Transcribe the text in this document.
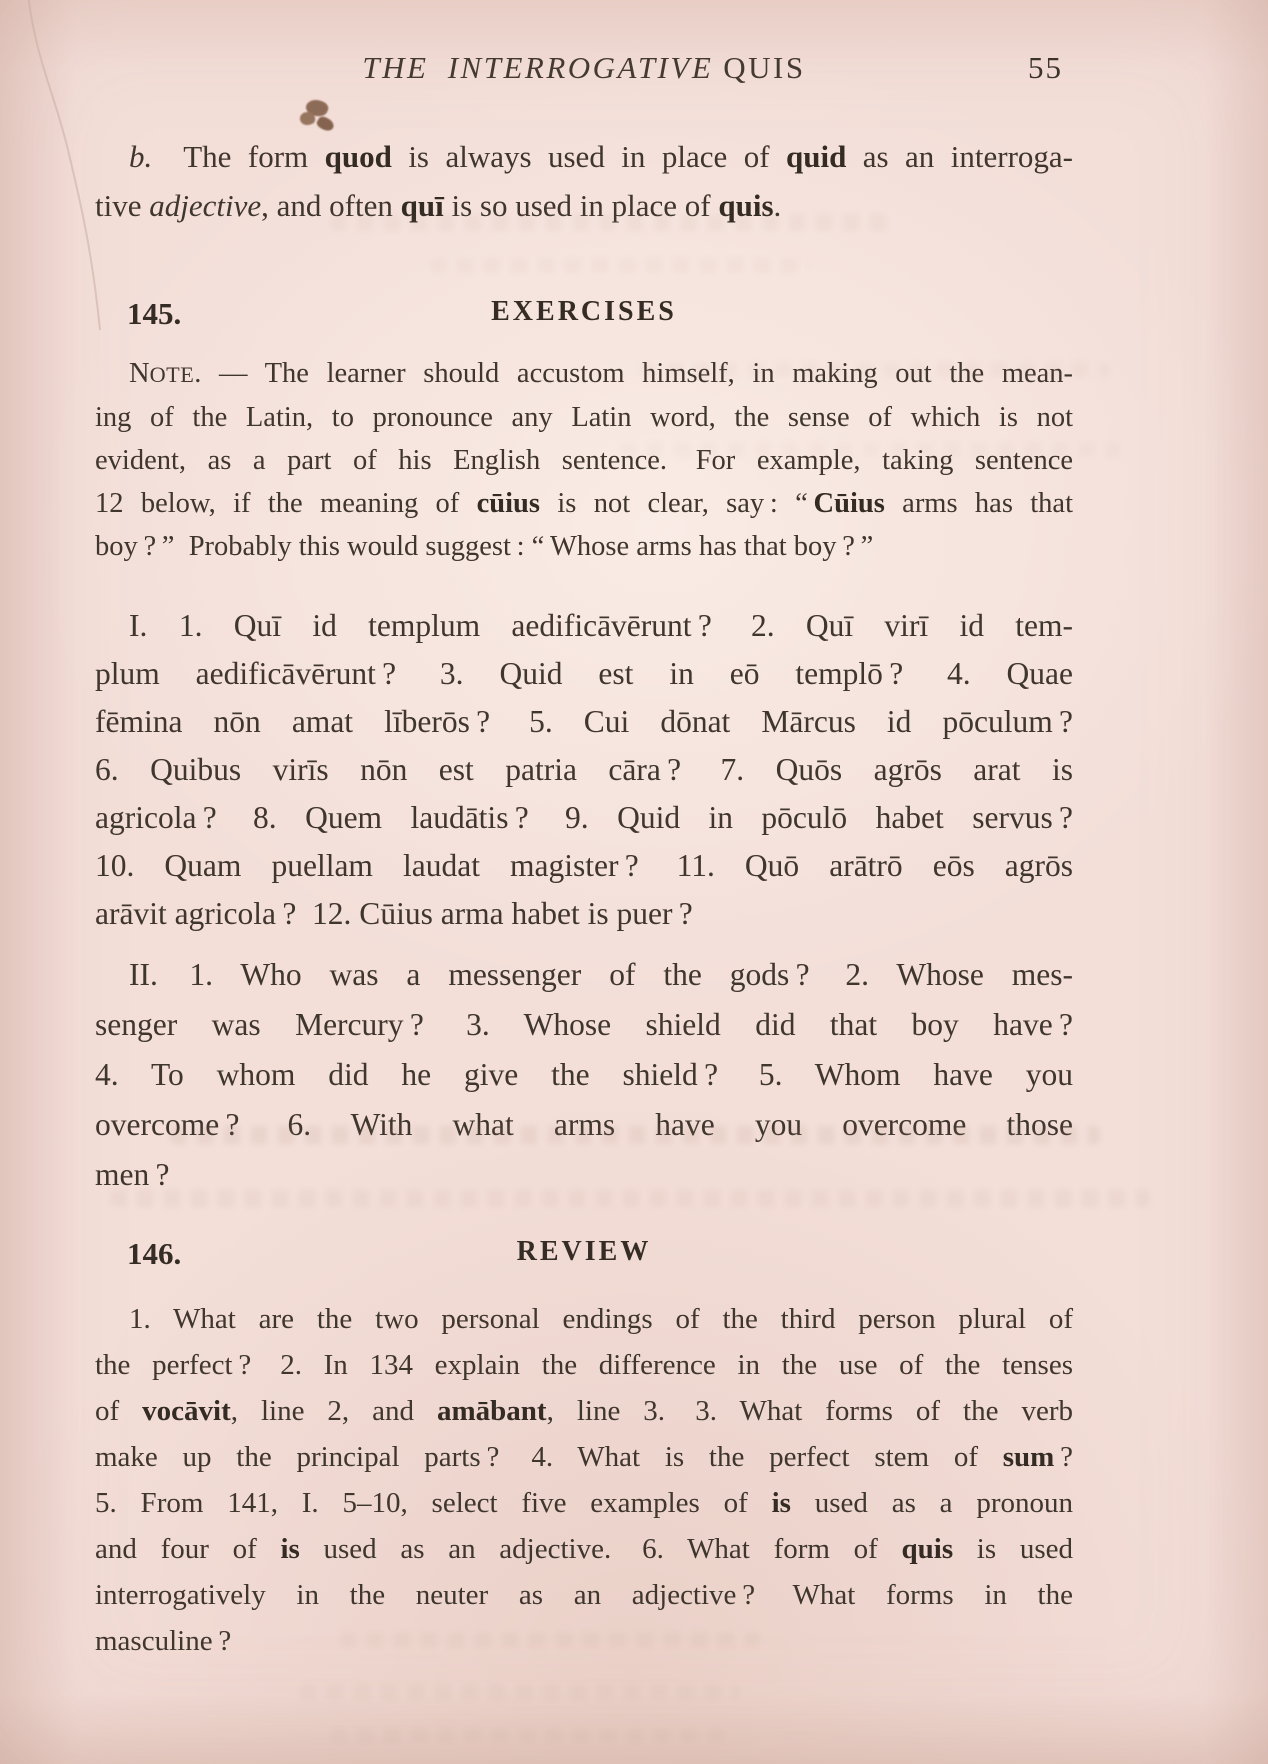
THE INTERROGATIVE QUIS	55
b. The form quod is always used in place of quid as an interroga-
tive adjective, and often quī is so used in place of quis.
145.	EXERCISES
NOTE. — The learner should accustom himself, in making out the mean-
ing of the Latin, to pronounce any Latin word, the sense of which is not
evident, as a part of his English sentence.  For example, taking sentence
12 below, if the meaning of cūius is not clear, say : “ Cūius arms has that
boy ? ”  Probably this would suggest : “ Whose arms has that boy ? ”
I. 1. Quī id templum aedificāvērunt ?  2. Quī virī id tem-
plum aedificāvērunt ?  3. Quid est in eō templō ?  4. Quae
fēmina nōn amat līberōs ?  5. Cui dōnat Mārcus id pōculum ?
6. Quibus virīs nōn est patria cāra ?  7. Quōs agrōs arat is
agricola ?  8. Quem laudātis ?  9. Quid in pōculō habet servus ?
10. Quam puellam laudat magister ?  11. Quō arātrō eōs agrōs
arāvit agricola ?  12. Cūius arma habet is puer ?
II. 1. Who was a messenger of the gods ?  2. Whose mes-
senger was Mercury ?  3. Whose shield did that boy have ?
4. To whom did he give the shield ?  5. Whom have you
overcome ?  6. With what arms have you overcome those
men ?
146.	REVIEW
1. What are the two personal endings of the third person plural of
the perfect ?  2. In 134 explain the difference in the use of the tenses
of vocāvit, line 2, and amābant, line 3.  3. What forms of the verb
make up the principal parts ?  4. What is the perfect stem of sum ?
5. From 141, I. 5–10, select five examples of is used as a pronoun
and four of is used as an adjective.  6. What form of quis is used
interrogatively in the neuter as an adjective ?  What forms in the
masculine ?
